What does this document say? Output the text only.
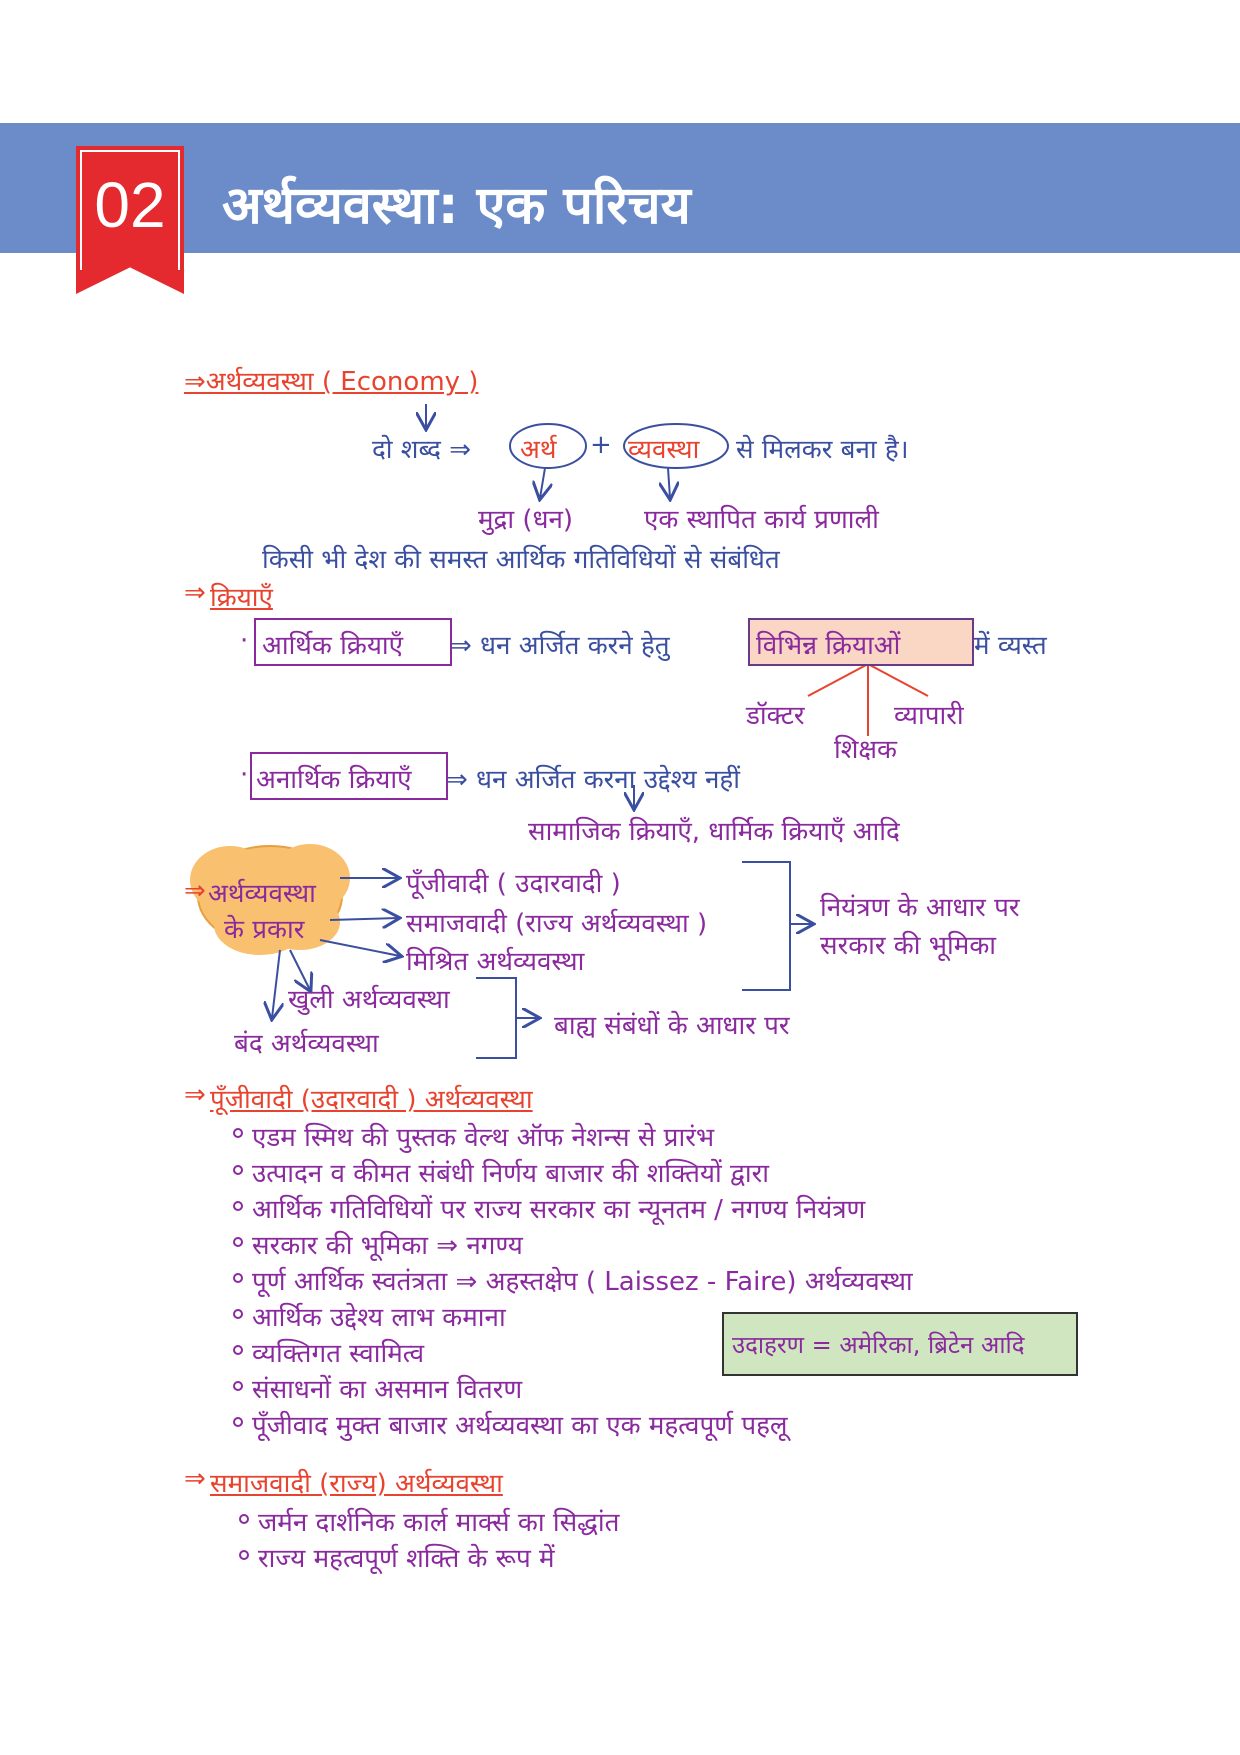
02	अर्थव्यवस्था: एक परिचय
⇒अर्थव्यवस्था ( Economy )
दो शब्द ⇒ अर्थ + व्यवस्था से मिलकर बना है।
मुद्रा (धन)	एक स्थापित कार्य प्रणाली
किसी भी देश की समस्त आर्थिक गतिविधियों से संबंधित
⇒ क्रियाएँ
· आर्थिक क्रियाएँ ⇒ धन अर्जित करने हेतु	विभिन्न क्रियाओं	में व्यस्त
डॉक्टर
शिक्षक
व्यापारी
· अनार्थिक क्रियाएँ ⇒ धन अर्जित करना उद्देश्य नहीं
सामाजिक क्रियाएँ, धार्मिक क्रियाएँ आदि
⇒ अर्थव्यवस्था
के प्रकार
पूँजीवादी ( उदारवादी )
समाजवादी (राज्य अर्थव्यवस्था )
मिश्रित अर्थव्यवस्था
नियंत्रण के आधार पर
सरकार की भूमिका
खुली अर्थव्यवस्था
बंद अर्थव्यवस्था
बाह्य संबंधों के आधार पर
⇒ पूँजीवादी (उदारवादी ) अर्थव्यवस्था
एडम स्मिथ की पुस्तक वेल्थ ऑफ नेशन्स से प्रारंभ
उत्पादन व कीमत संबंधी निर्णय बाजार की शक्तियों द्वारा
आर्थिक गतिविधियों पर राज्य सरकार का न्यूनतम / नगण्य नियंत्रण
सरकार की भूमिका ⇒ नगण्य
पूर्ण आर्थिक स्वतंत्रता ⇒ अहस्तक्षेप ( Laissez - Faire) अर्थव्यवस्था
आर्थिक उद्देश्य लाभ कमाना
व्यक्तिगत स्वामित्व
संसाधनों का असमान वितरण
पूँजीवाद मुक्त बाजार अर्थव्यवस्था का एक महत्वपूर्ण पहलू
उदाहरण = अमेरिका, ब्रिटेन आदि
⇒ समाजवादी (राज्य) अर्थव्यवस्था
जर्मन दार्शनिक कार्ल मार्क्स का सिद्धांत
राज्य महत्वपूर्ण शक्ति के रूप में
